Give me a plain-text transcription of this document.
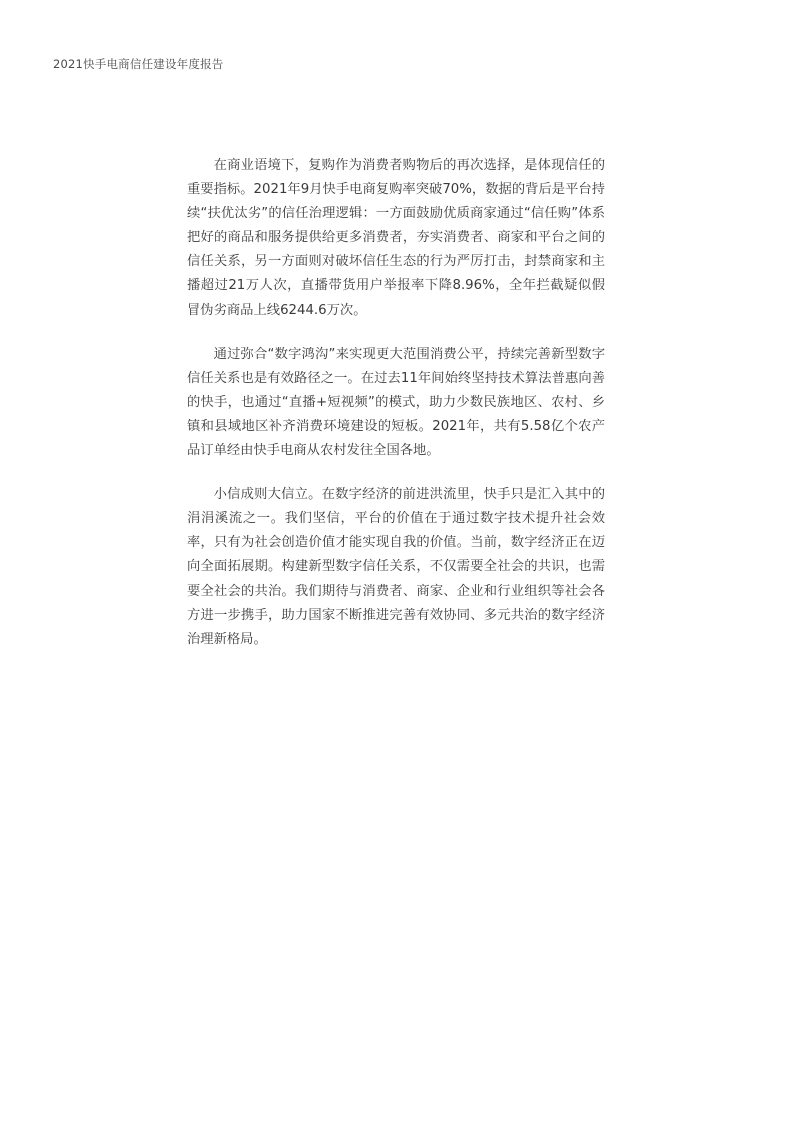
2021快手电商信任建设年度报告

在商业语境下，复购作为消费者购物后的再次选择，是体现信任的重要指标。2021年9月快手电商复购率突破70%，数据的背后是平台持续“扶优汰劣”的信任治理逻辑：一方面鼓励优质商家通过“信任购”体系把好的商品和服务提供给更多消费者，夯实消费者、商家和平台之间的信任关系，另一方面则对破坏信任生态的行为严厉打击，封禁商家和主播超过21万人次，直播带货用户举报率下降8.96%，全年拦截疑似假冒伪劣商品上线6244.6万次。

通过弥合“数字鸿沟”来实现更大范围消费公平，持续完善新型数字信任关系也是有效路径之一。在过去11年间始终坚持技术算法普惠向善的快手，也通过“直播+短视频”的模式，助力少数民族地区、农村、乡镇和县域地区补齐消费环境建设的短板。2021年，共有5.58亿个农产品订单经由快手电商从农村发往全国各地。

小信成则大信立。在数字经济的前进洪流里，快手只是汇入其中的涓涓溪流之一。我们坚信，平台的价值在于通过数字技术提升社会效率，只有为社会创造价值才能实现自我的价值。当前，数字经济正在迈向全面拓展期。构建新型数字信任关系，不仅需要全社会的共识，也需要全社会的共治。我们期待与消费者、商家、企业和行业组织等社会各方进一步携手，助力国家不断推进完善有效协同、多元共治的数字经济治理新格局。
